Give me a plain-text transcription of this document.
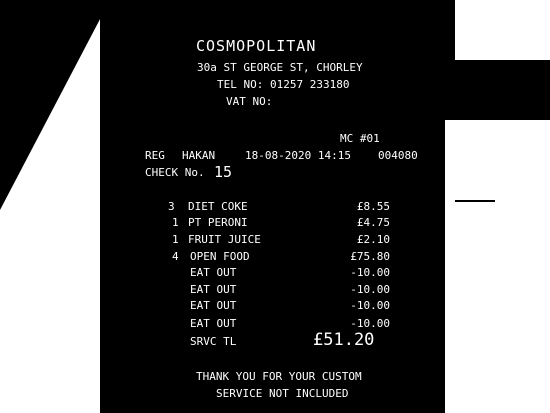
COSMOPOLITAN
30a ST GEORGE ST, CHORLEY
TEL NO: 01257 233180
VAT NO:
MC #01
REG HAKAN	18-08-2020 14:15 004080
CHECK No. 15
3 DIET COKE	£8.55
1 PT PERONI	£4.75
1 FRUIT JUICE	£2.10
4 OPEN FOOD	£75.80
EAT OUT	-10.00
EAT OUT	-10.00
EAT OUT	-10.00
EAT OUT	-10.00
SRVC TL	£51.20
THANK YOU FOR YOUR CUSTOM
SERVICE NOT INCLUDED
